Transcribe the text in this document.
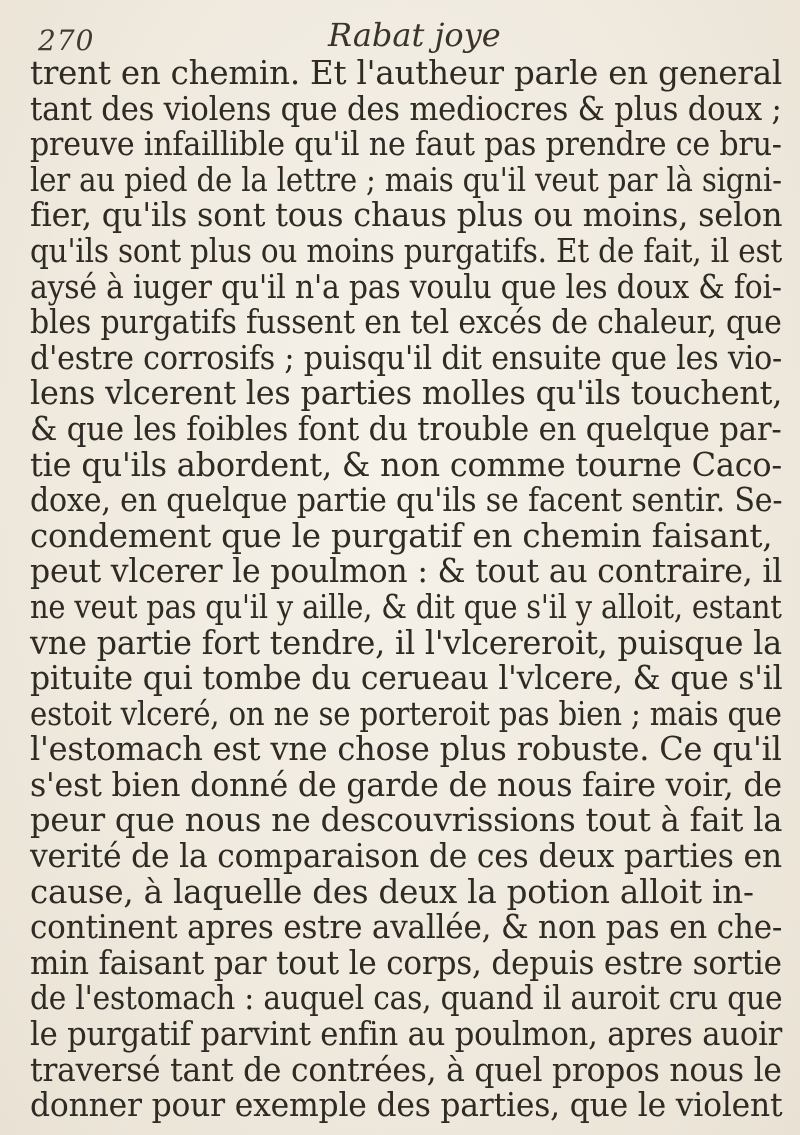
270	Rabat joye
trent en chemin. Et l'autheur parle en general
tant des violens que des mediocres & plus doux ;
preuve infaillible qu'il ne faut pas prendre ce bru-
ler au pied de la lettre ; mais qu'il veut par là signi-
fier, qu'ils sont tous chaus plus ou moins, selon
qu'ils sont plus ou moins purgatifs. Et de fait, il est
aysé à iuger qu'il n'a pas voulu que les doux & foi-
bles purgatifs fussent en tel excés de chaleur, que
d'estre corrosifs ; puisqu'il dit ensuite que les vio-
lens vlcerent les parties molles qu'ils touchent,
& que les foibles font du trouble en quelque par-
tie qu'ils abordent, & non comme tourne Caco-
doxe, en quelque partie qu'ils se facent sentir. Se-
condement que le purgatif en chemin faisant,
peut vlcerer le poulmon : & tout au contraire, il
ne veut pas qu'il y aille, & dit que s'il y alloit, estant
vne partie fort tendre, il l'vlcereroit, puisque la
pituite qui tombe du cerueau l'vlcere, & que s'il
estoit vlceré, on ne se porteroit pas bien ; mais que
l'estomach est vne chose plus robuste. Ce qu'il
s'est bien donné de garde de nous faire voir, de
peur que nous ne descouvrissions tout à fait la
verité de la comparaison de ces deux parties en
cause, à laquelle des deux la potion alloit in-
continent apres estre avallée, & non pas en che-
min faisant par tout le corps, depuis estre sortie
de l'estomach : auquel cas, quand il auroit cru que
le purgatif parvint enfin au poulmon, apres auoir
traversé tant de contrées, à quel propos nous le
donner pour exemple des parties, que le violent
